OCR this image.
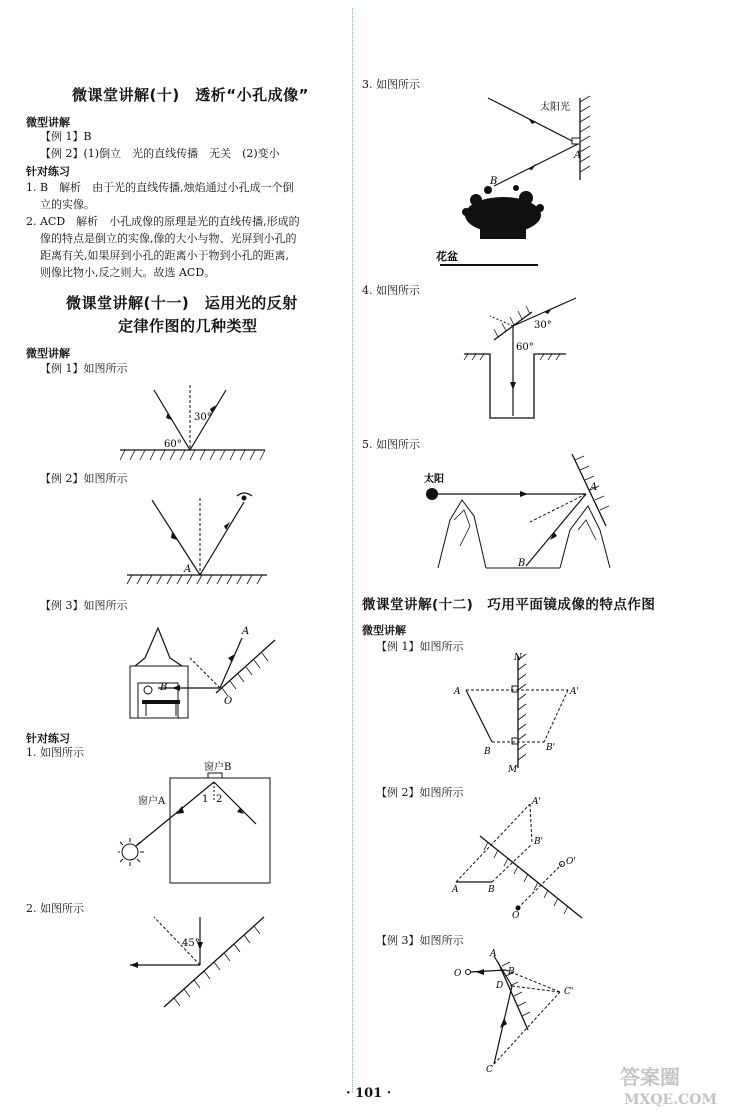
微课堂讲解(十)　透析“小孔成像”
微型讲解
【例 1】B
【例 2】(1)倒立　光的直线传播　无关　(2)变小
针对练习
1. B　解析　由于光的直线传播,烛焰通过小孔成一个倒
立的实像。
2. ACD　解析　小孔成像的原理是光的直线传播,形成的
像的特点是倒立的实像,像的大小与物、光屏到小孔的
距离有关,如果屏到小孔的距离小于物到小孔的距离,
则像比物小,反之则大。故选 ACD。
微课堂讲解(十一)　运用光的反射
定律作图的几种类型
微型讲解
【例 1】如图所示
30°
60°
【例 2】如图所示
A
【例 3】如图所示
A
B
O
针对练习
1. 如图所示
窗户B
窗户A	1 2
2. 如图所示
45°
3. 如图所示
太阳光
A
B
花盆
4. 如图所示
30°
60°
5. 如图所示
太阳
A
B
微课堂讲解(十二)　巧用平面镜成像的特点作图
微型讲解
【例 1】如图所示
N
M
A	A'
B	B'
【例 2】如图所示
A
A'
B
B'
O
O'
【例 3】如图所示
O
A
B
D
C'
C
· 101 ·
答案圈
MXQE.COM
